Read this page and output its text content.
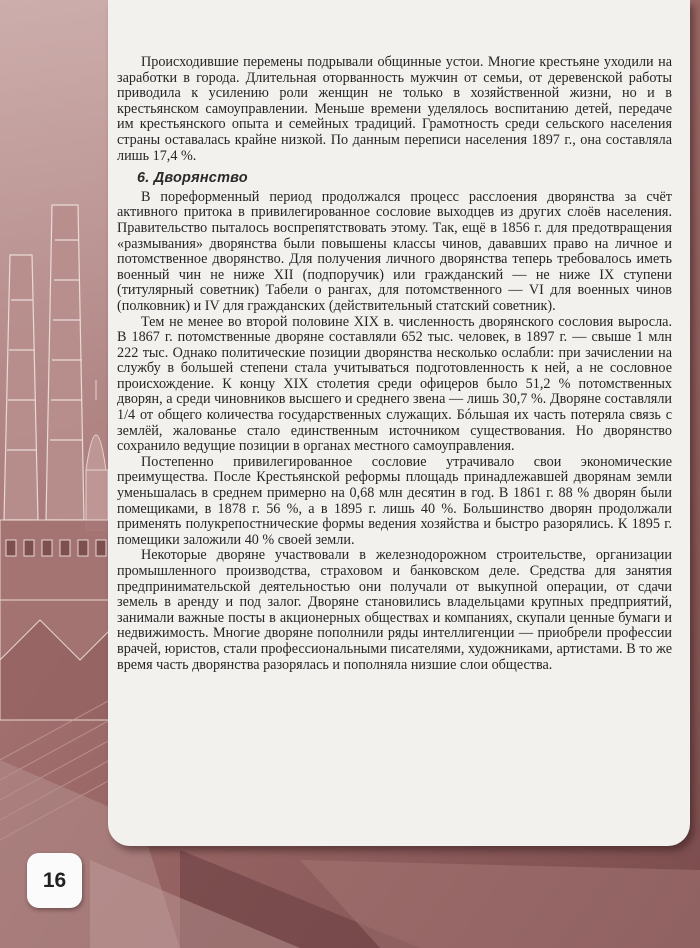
Происходившие перемены подрывали общинные устои. Многие крестьяне уходили на заработки в города. Длительная оторванность мужчин от семьи, от деревенской работы приводила к усилению роли женщин не только в хозяйственной жизни, но и в крестьянском самоуправлении. Меньше времени уделялось воспитанию детей, передаче им крестьянского опыта и семейных традиций. Грамотность среди сельского населения страны оставалась крайне низкой. По данным переписи населения 1897 г., она составляла лишь 17,4 %.

6. Дворянство

В пореформенный период продолжался процесс расслоения дворянства за счёт активного притока в привилегированное сословие выходцев из других слоёв населения. Правительство пыталось воспрепятствовать этому. Так, ещё в 1856 г. для предотвращения «размывания» дворянства были повышены классы чинов, дававших право на личное и потомственное дворянство. Для получения личного дворянства теперь требовалось иметь военный чин не ниже XII (подпоручик) или гражданский — не ниже IX ступени (титулярный советник) Табели о рангах, для потомственного — VI для военных чинов (полковник) и IV для гражданских (действительный статский советник).

Тем не менее во второй половине XIX в. численность дворянского сословия выросла. В 1867 г. потомственные дворяне составляли 652 тыс. человек, в 1897 г. — свыше 1 млн 222 тыс. Однако политические позиции дворянства несколько ослабли: при зачислении на службу в большей степени стала учитываться подготовленность к ней, а не сословное происхождение. К концу XIX столетия среди офицеров было 51,2 % потомственных дворян, а среди чиновников высшего и среднего звена — лишь 30,7 %. Дворяне составляли 1/4 от общего количества государственных служащих. Бóльшая их часть потеряла связь с землёй, жалованье стало единственным источником существования. Но дворянство сохранило ведущие позиции в органах местного самоуправления.

Постепенно привилегированное сословие утрачивало свои экономические преимущества. После Крестьянской реформы площадь принадлежавшей дворянам земли уменьшалась в среднем примерно на 0,68 млн десятин в год. В 1861 г. 88 % дворян были помещиками, в 1878 г. 56 %, а в 1895 г. лишь 40 %. Большинство дворян продолжали применять полукрепостнические формы ведения хозяйства и быстро разорялись. К 1895 г. помещики заложили 40 % своей земли.

Некоторые дворяне участвовали в железнодорожном строительстве, организации промышленного производства, страховом и банковском деле. Средства для занятия предпринимательской деятельностью они получали от выкупной операции, от сдачи земель в аренду и под залог. Дворяне становились владельцами крупных предприятий, занимали важные посты в акционерных обществах и компаниях, скупали ценные бумаги и недвижимость. Многие дворяне пополнили ряды интеллигенции — приобрели профессии врачей, юристов, стали профессиональными писателями, художниками, артистами. В то же время часть дворянства разорялась и пополняла низшие слои общества.

16
